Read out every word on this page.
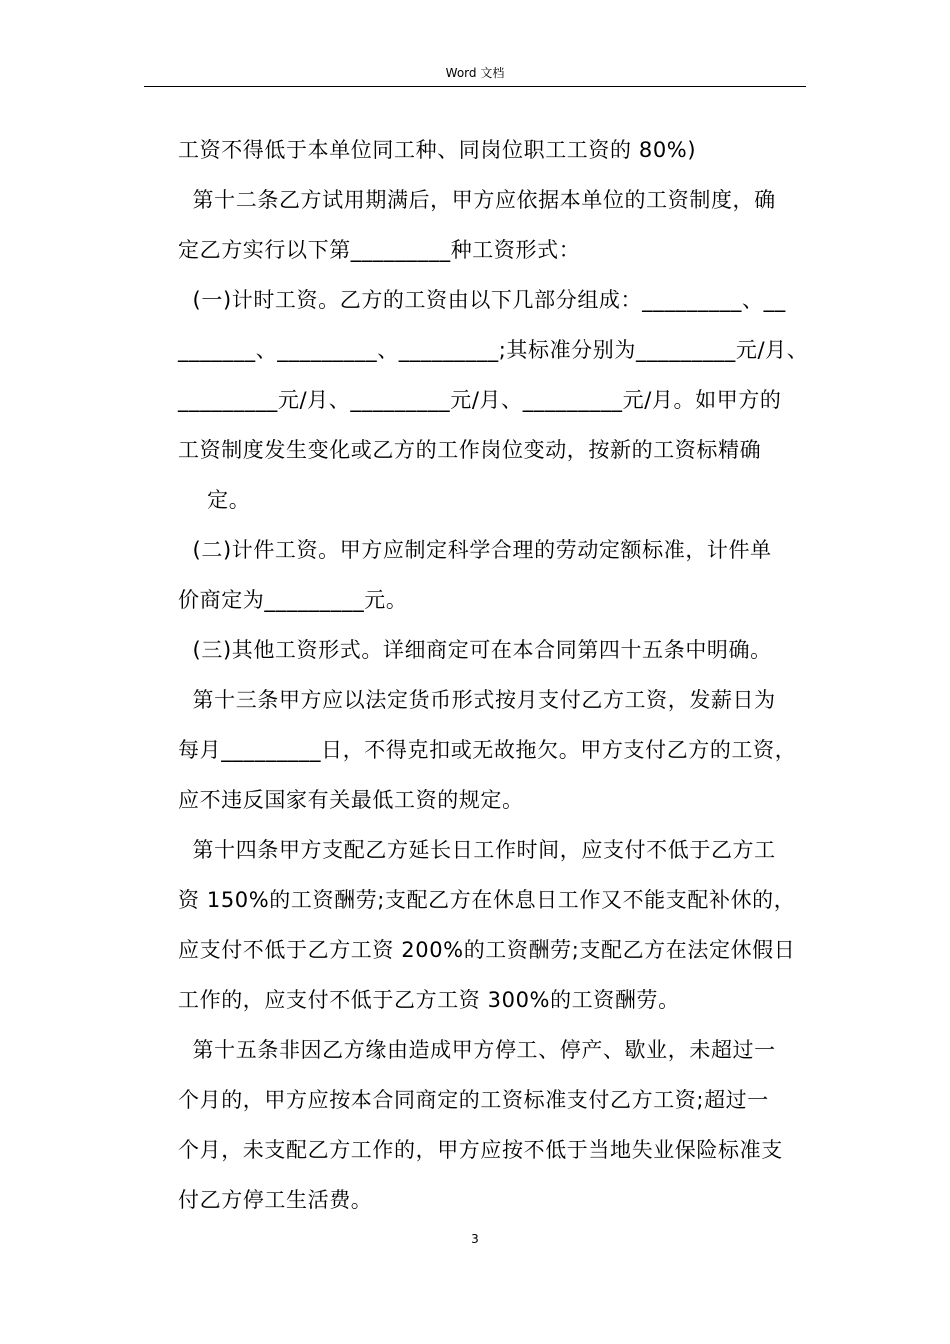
Word 文档
工资不得低于本单位同工种、同岗位职工工资的 80%)
第十二条乙方试用期满后，甲方应依据本单位的工资制度，确
定乙方实行以下第_________种工资形式：
(一)计时工资。乙方的工资由以下几部分组成：_________、__
_______、_________、_________;其标准分别为_________元/月、
_________元/月、_________元/月、_________元/月。如甲方的
工资制度发生变化或乙方的工作岗位变动，按新的工资标精确
定。
(二)计件工资。甲方应制定科学合理的劳动定额标准，计件单
价商定为_________元。
(三)其他工资形式。详细商定可在本合同第四十五条中明确。
第十三条甲方应以法定货币形式按月支付乙方工资，发薪日为
每月_________日，不得克扣或无故拖欠。甲方支付乙方的工资，
应不违反国家有关最低工资的规定。
第十四条甲方支配乙方延长日工作时间，应支付不低于乙方工
资 150%的工资酬劳;支配乙方在休息日工作又不能支配补休的，
应支付不低于乙方工资 200%的工资酬劳;支配乙方在法定休假日
工作的，应支付不低于乙方工资 300%的工资酬劳。
第十五条非因乙方缘由造成甲方停工、停产、歇业，未超过一
个月的，甲方应按本合同商定的工资标准支付乙方工资;超过一
个月，未支配乙方工作的，甲方应按不低于当地失业保险标准支
付乙方停工生活费。
3
